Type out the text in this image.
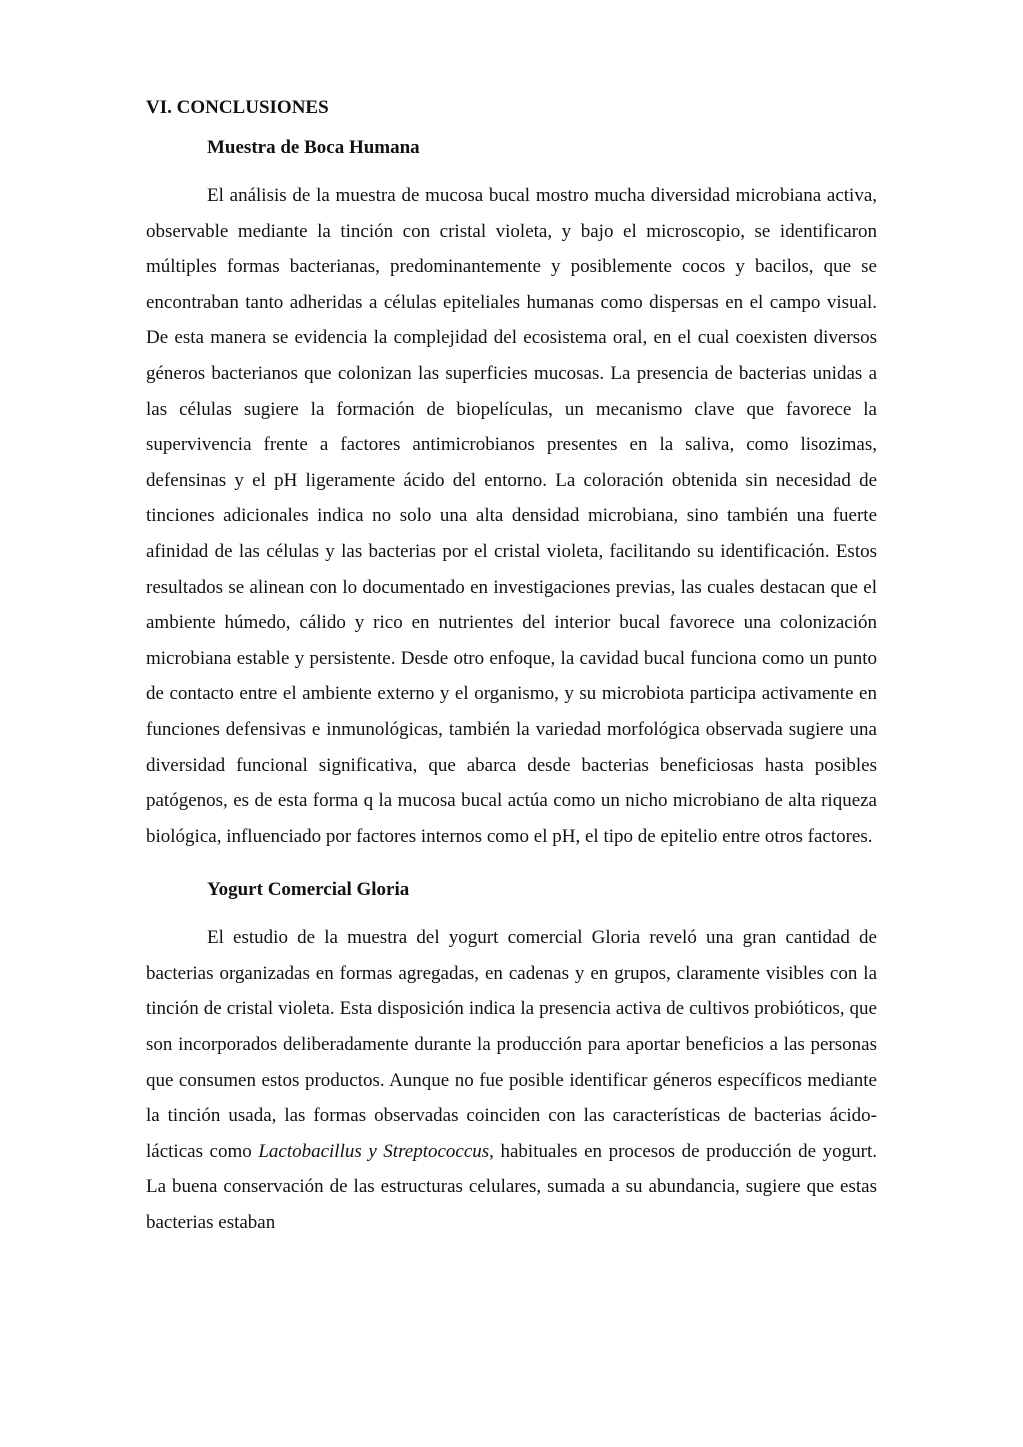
VI. CONCLUSIONES
Muestra de Boca Humana

El análisis de la muestra de mucosa bucal mostro mucha diversidad microbiana activa, observable mediante la tinción con cristal violeta, y bajo el microscopio, se identificaron múltiples formas bacterianas, predominantemente y posiblemente cocos y bacilos, que se encontraban tanto adheridas a células epiteliales humanas como dispersas en el campo visual. De esta manera se evidencia la complejidad del ecosistema oral, en el cual coexisten diversos géneros bacterianos que colonizan las superficies mucosas. La presencia de bacterias unidas a las células sugiere la formación de biopelículas, un mecanismo clave que favorece la supervivencia frente a factores antimicrobianos presentes en la saliva, como lisozimas, defensinas y el pH ligeramente ácido del entorno. La coloración obtenida sin necesidad de tinciones adicionales indica no solo una alta densidad microbiana, sino también una fuerte afinidad de las células y las bacterias por el cristal violeta, facilitando su identificación. Estos resultados se alinean con lo documentado en investigaciones previas, las cuales destacan que el ambiente húmedo, cálido y rico en nutrientes del interior bucal favorece una colonización microbiana estable y persistente. Desde otro enfoque, la cavidad bucal funciona como un punto de contacto entre el ambiente externo y el organismo, y su microbiota participa activamente en funciones defensivas e inmunológicas, también la variedad morfológica observada sugiere una diversidad funcional significativa, que abarca desde bacterias beneficiosas hasta posibles patógenos, es de esta forma q la mucosa bucal actúa como un nicho microbiano de alta riqueza biológica, influenciado por factores internos como el pH, el tipo de epitelio entre otros factores.

Yogurt Comercial Gloria

El estudio de la muestra del yogurt comercial Gloria reveló una gran cantidad de bacterias organizadas en formas agregadas, en cadenas y en grupos, claramente visibles con la tinción de cristal violeta. Esta disposición indica la presencia activa de cultivos probióticos, que son incorporados deliberadamente durante la producción para aportar beneficios a las personas que consumen estos productos. Aunque no fue posible identificar géneros específicos mediante la tinción usada, las formas observadas coinciden con las características de bacterias ácido-lácticas como Lactobacillus y Streptococcus, habituales en procesos de producción de yogurt. La buena conservación de las estructuras celulares, sumada a su abundancia, sugiere que estas bacterias estaban
